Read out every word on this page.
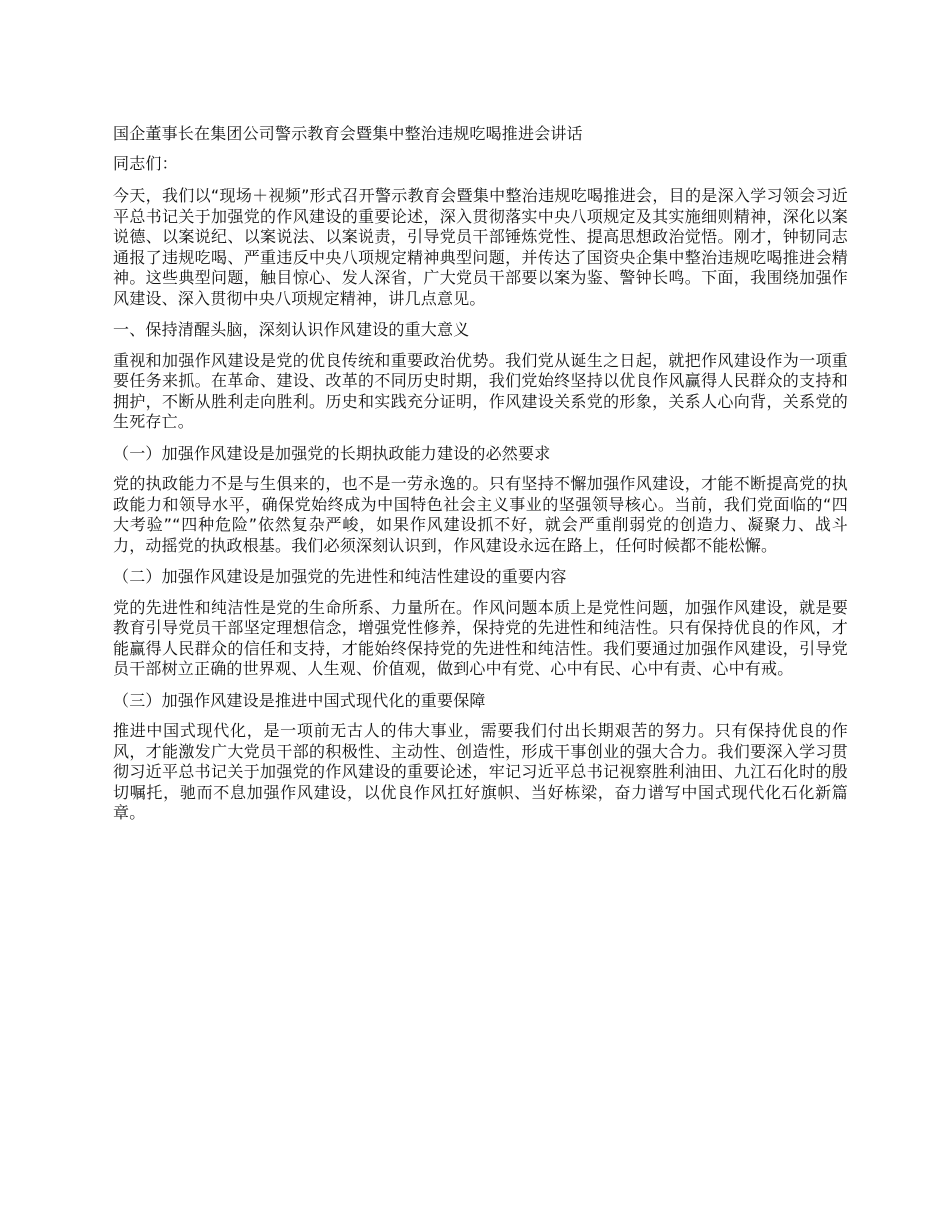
国企董事长在集团公司警示教育会暨集中整治违规吃喝推进会讲话

同志们：

今天，我们以“现场＋视频”形式召开警示教育会暨集中整治违规吃喝推进会，目的是深入学习领会习近平总书记关于加强党的作风建设的重要论述，深入贯彻落实中央八项规定及其实施细则精神，深化以案说德、以案说纪、以案说法、以案说责，引导党员干部锤炼党性、提高思想政治觉悟。刚才，钟韧同志通报了违规吃喝、严重违反中央八项规定精神典型问题，并传达了国资央企集中整治违规吃喝推进会精神。这些典型问题，触目惊心、发人深省，广大党员干部要以案为鉴、警钟长鸣。下面，我围绕加强作风建设、深入贯彻中央八项规定精神，讲几点意见。

一、保持清醒头脑，深刻认识作风建设的重大意义

重视和加强作风建设是党的优良传统和重要政治优势。我们党从诞生之日起，就把作风建设作为一项重要任务来抓。在革命、建设、改革的不同历史时期，我们党始终坚持以优良作风赢得人民群众的支持和拥护，不断从胜利走向胜利。历史和实践充分证明，作风建设关系党的形象，关系人心向背，关系党的生死存亡。

（一）加强作风建设是加强党的长期执政能力建设的必然要求

党的执政能力不是与生俱来的，也不是一劳永逸的。只有坚持不懈加强作风建设，才能不断提高党的执政能力和领导水平，确保党始终成为中国特色社会主义事业的坚强领导核心。当前，我们党面临的“四大考验”“四种危险”依然复杂严峻，如果作风建设抓不好，就会严重削弱党的创造力、凝聚力、战斗力，动摇党的执政根基。我们必须深刻认识到，作风建设永远在路上，任何时候都不能松懈。

（二）加强作风建设是加强党的先进性和纯洁性建设的重要内容

党的先进性和纯洁性是党的生命所系、力量所在。作风问题本质上是党性问题，加强作风建设，就是要教育引导党员干部坚定理想信念，增强党性修养，保持党的先进性和纯洁性。只有保持优良的作风，才能赢得人民群众的信任和支持，才能始终保持党的先进性和纯洁性。我们要通过加强作风建设，引导党员干部树立正确的世界观、人生观、价值观，做到心中有党、心中有民、心中有责、心中有戒。

（三）加强作风建设是推进中国式现代化的重要保障

推进中国式现代化，是一项前无古人的伟大事业，需要我们付出长期艰苦的努力。只有保持优良的作风，才能激发广大党员干部的积极性、主动性、创造性，形成干事创业的强大合力。我们要深入学习贯彻习近平总书记关于加强党的作风建设的重要论述，牢记习近平总书记视察胜利油田、九江石化时的殷切嘱托，驰而不息加强作风建设，以优良作风扛好旗帜、当好栋梁，奋力谱写中国式现代化石化新篇章。
